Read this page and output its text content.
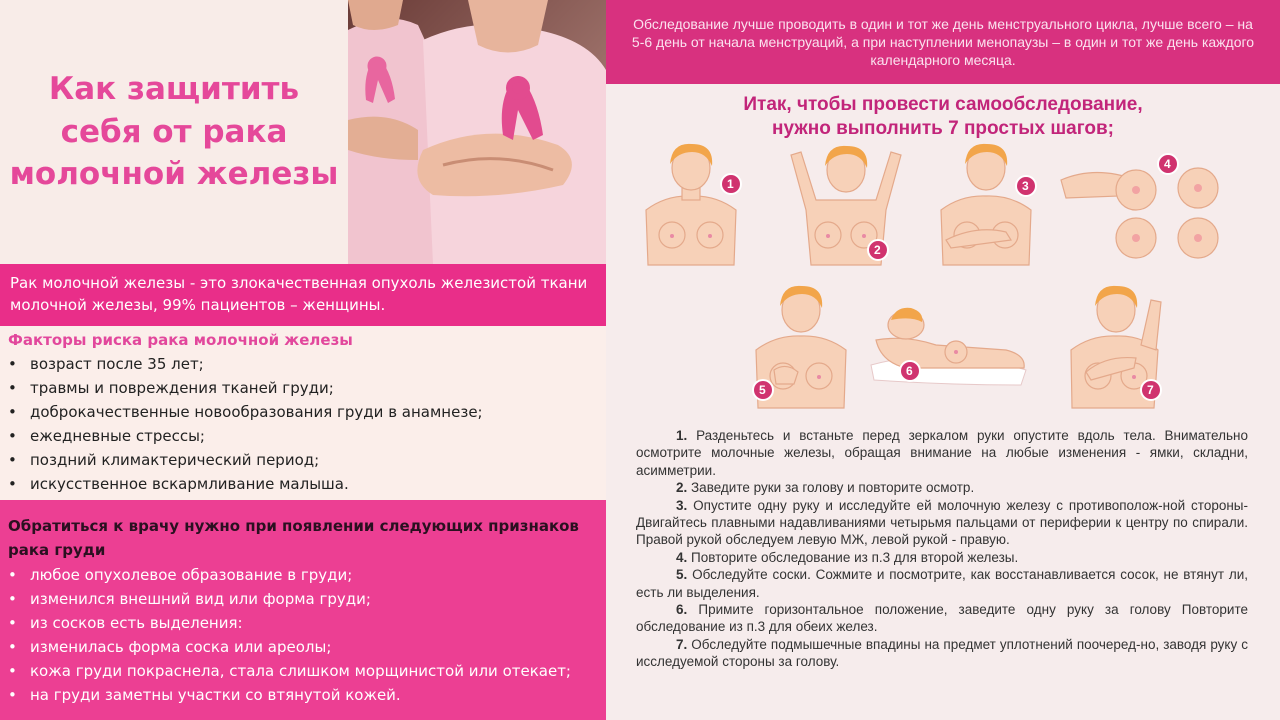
Как защитить себя от рака молочной железы

Рак молочной железы - это злокачественная опухоль железистой ткани молочной железы, 99% пациентов – женщины.

Факторы риска рака молочной железы
• возраст после 35 лет;
• травмы и повреждения тканей груди;
• доброкачественные новообразования груди в анамнезе;
• ежедневные стрессы;
• поздний климактерический период;
• искусственное вскармливание малыша.
Обратиться к врачу нужно при появлении следующих признаков рака груди
• любое опухолевое образование в груди;
• изменился внешний вид или форма груди;
• из сосков есть выделения:
• изменилась форма соска или ареолы;
• кожа груди покраснела, стала слишком морщинистой или отекает;
• на груди заметны участки со втянутой кожей.

Обследование лучше проводить в один и тот же день менструального цикла, лучше всего – на 5-6 день от начала менструаций, а при наступлении менопаузы – в один и тот же день каждого календарного месяца.

Итак, чтобы провести самообследование,
нужно выполнить 7 простых шагов;
1
2
3
4
5
6
7

1. Разденьтесь и встаньте перед зеркалом руки опустите вдоль тела. Внимательно осмотрите молочные железы, обращая внимание на любые изменения - ямки, складни, асимметрии.

2. Заведите руки за голову и повторите осмотр.

3. Опустите одну руку и исследуйте ей молочную железу с противополож-ной стороны- Двигайтесь плавными надавливаниями четырьмя пальцами от периферии к центру по спирали. Правой рукой обследуем левую МЖ, левой рукой - правую.

4. Повторите обследование из п.3 для второй железы.

5. Обследуйте соски. Сожмите и посмотрите, как восстанавливается сосок, не втянут ли, есть ли выделения.

6. Примите горизонтальное положение, заведите одну руку за голову Повторите обследование из п.3 для обеих желез.

7. Обследуйте подмышечные впадины на предмет уплотнений поочеред-но, заводя руку с исследуемой стороны за голову.
